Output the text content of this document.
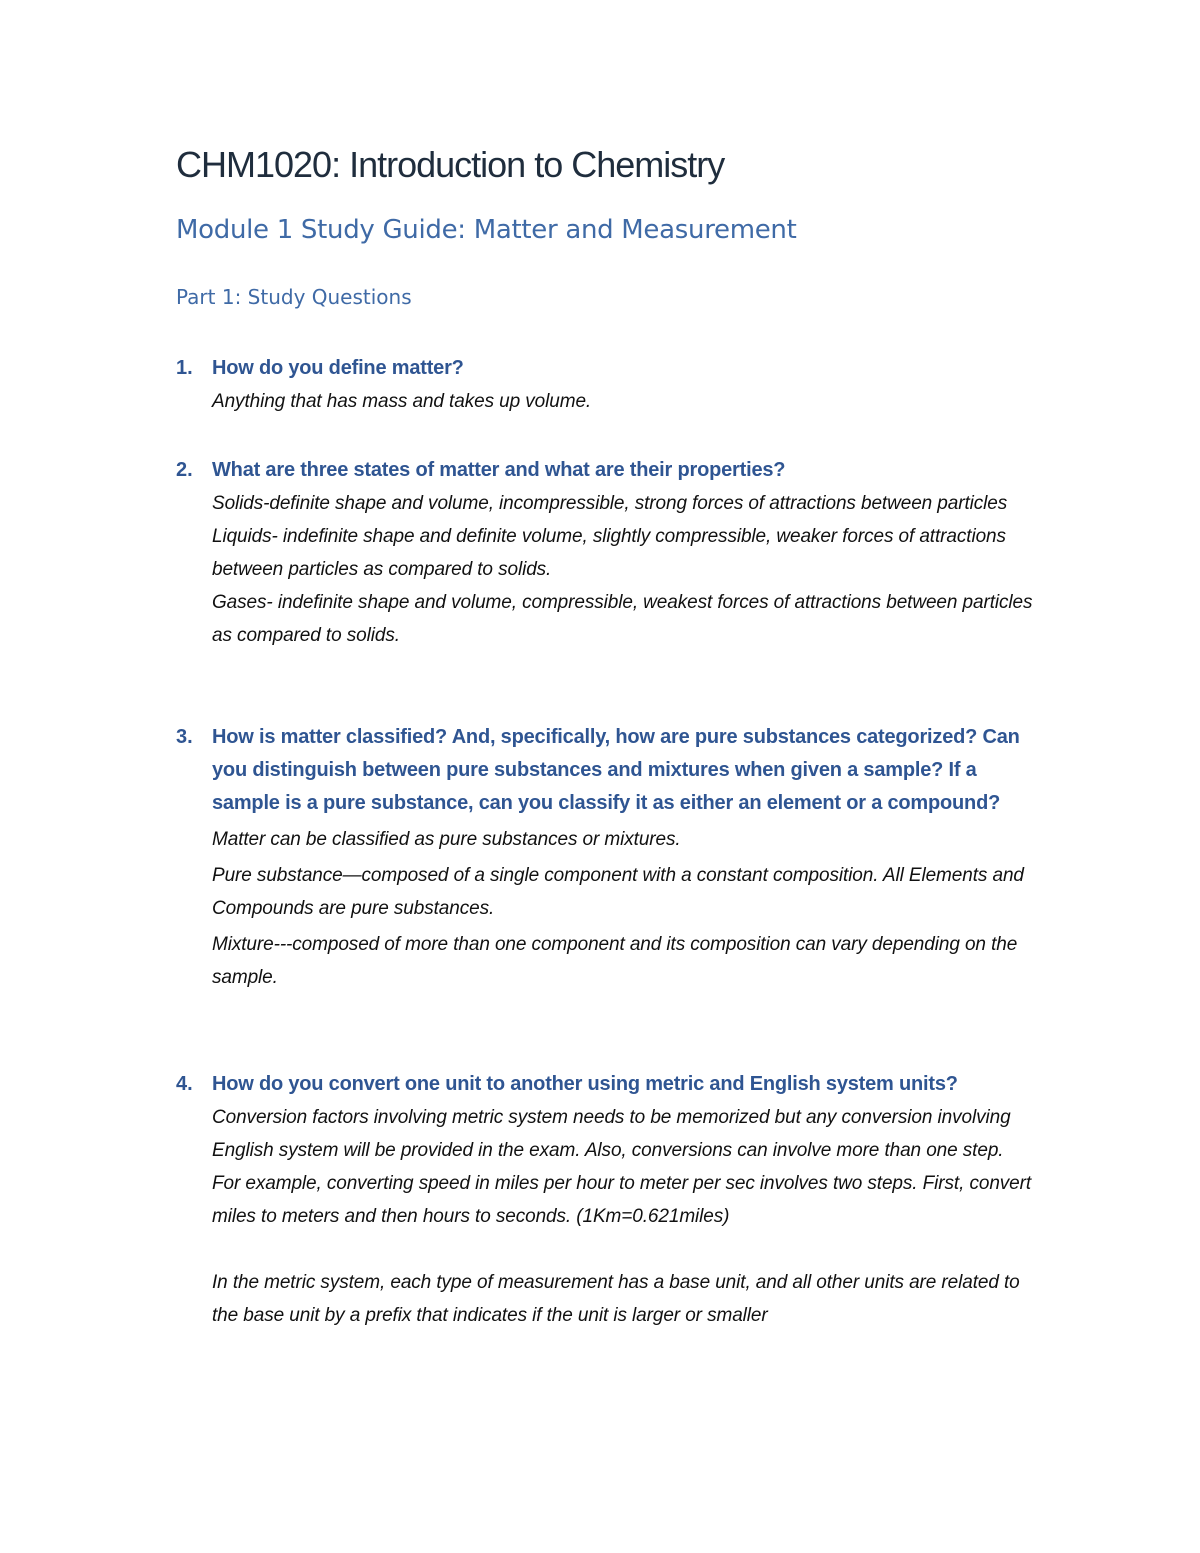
CHM1020: Introduction to Chemistry
Module 1 Study Guide: Matter and Measurement
Part 1: Study Questions
1. How do you define matter?
Anything that has mass and takes up volume.
2. What are three states of matter and what are their properties?
Solids-definite shape and volume, incompressible, strong forces of attractions between particles
Liquids- indefinite shape and definite volume, slightly compressible, weaker forces of attractions between particles as compared to solids.
Gases- indefinite shape and volume, compressible, weakest forces of attractions between particles as compared to solids.
3. How is matter classified? And, specifically, how are pure substances categorized? Can you distinguish between pure substances and mixtures when given a sample? If a sample is a pure substance, can you classify it as either an element or a compound?
Matter can be classified as pure substances or mixtures.
Pure substance—composed of a single component with a constant composition. All Elements and Compounds are pure substances.
Mixture---composed of more than one component and its composition can vary depending on the sample.
4. How do you convert one unit to another using metric and English system units?
Conversion factors involving metric system needs to be memorized but any conversion involving English system will be provided in the exam. Also, conversions can involve more than one step. For example, converting speed in miles per hour to meter per sec involves two steps. First, convert miles to meters and then hours to seconds. (1Km=0.621miles)
In the metric system, each type of measurement has a base unit, and all other units are related to the base unit by a prefix that indicates if the unit is larger or smaller
